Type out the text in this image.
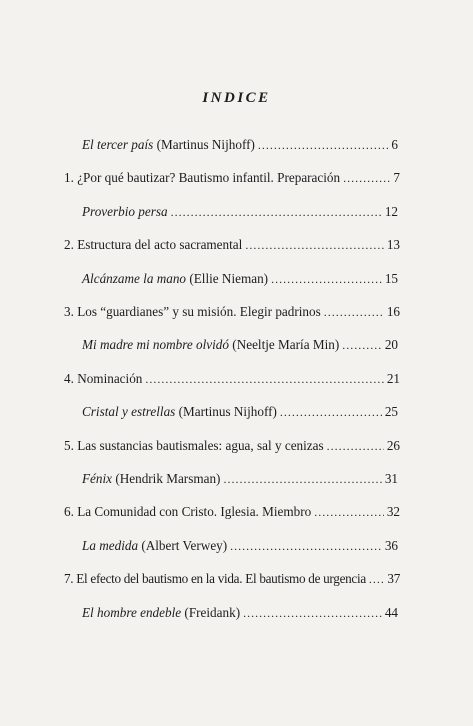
INDICE
El tercer país (Martinus Nijhoff) .....	6
1. ¿Por qué bautizar? Bautismo infantil. Preparación .....	7
Proverbio persa .....	12
2. Estructura del acto sacramental .....	13
Alcánzame la mano (Ellie Nieman) .....	15
3. Los “guardianes” y su misión. Elegir padrinos .....	16
Mi madre mi nombre olvidó (Neeltje María Min) .....	20
4. Nominación .....	21
Cristal y estrellas (Martinus Nijhoff) .....	25
5. Las sustancias bautismales: agua, sal y cenizas .....	26
Fénix (Hendrik Marsman) .....	31
6. La Comunidad con Cristo. Iglesia. Miembro .....	32
La medida (Albert Verwey) .....	36
7. El efecto del bautismo en la vida. El bautismo de urgencia ..... 37
El hombre endeble (Freidank) .....	44
